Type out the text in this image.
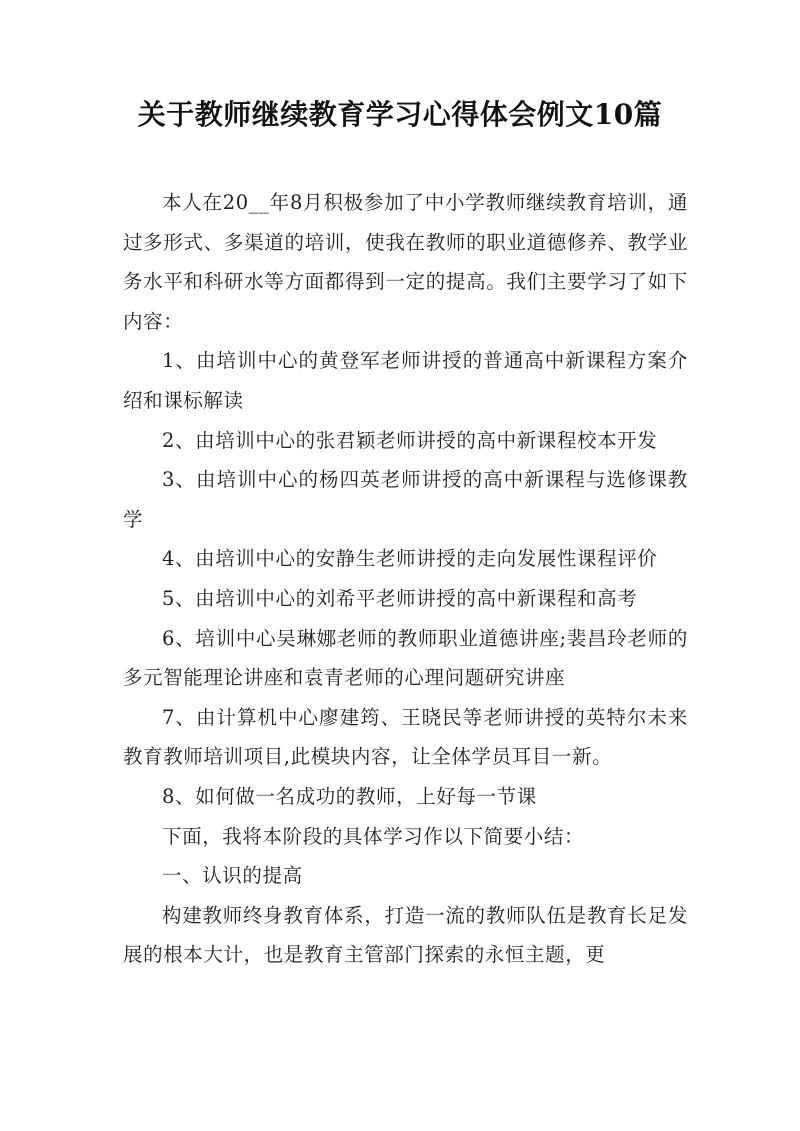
关于教师继续教育学习心得体会例文10篇

本人在20__年8月积极参加了中小学教师继续教育培训，通过多形式、多渠道的培训，使我在教师的职业道德修养、教学业务水平和科研水等方面都得到一定的提高。我们主要学习了如下内容：

1、由培训中心的黄登军老师讲授的普通高中新课程方案介绍和课标解读

2、由培训中心的张君颖老师讲授的高中新课程校本开发

3、由培训中心的杨四英老师讲授的高中新课程与选修课教学

4、由培训中心的安静生老师讲授的走向发展性课程评价

5、由培训中心的刘希平老师讲授的高中新课程和高考

6、培训中心吴琳娜老师的教师职业道德讲座;裴昌玲老师的多元智能理论讲座和袁青老师的心理问题研究讲座

7、由计算机中心廖建筠、王晓民等老师讲授的英特尔未来教育教师培训项目,此模块内容，让全体学员耳目一新。

8、如何做一名成功的教师，上好每一节课

下面，我将本阶段的具体学习作以下简要小结：

一、认识的提高

构建教师终身教育体系，打造一流的教师队伍是教育长足发展的根本大计，也是教育主管部门探索的永恒主题，更
